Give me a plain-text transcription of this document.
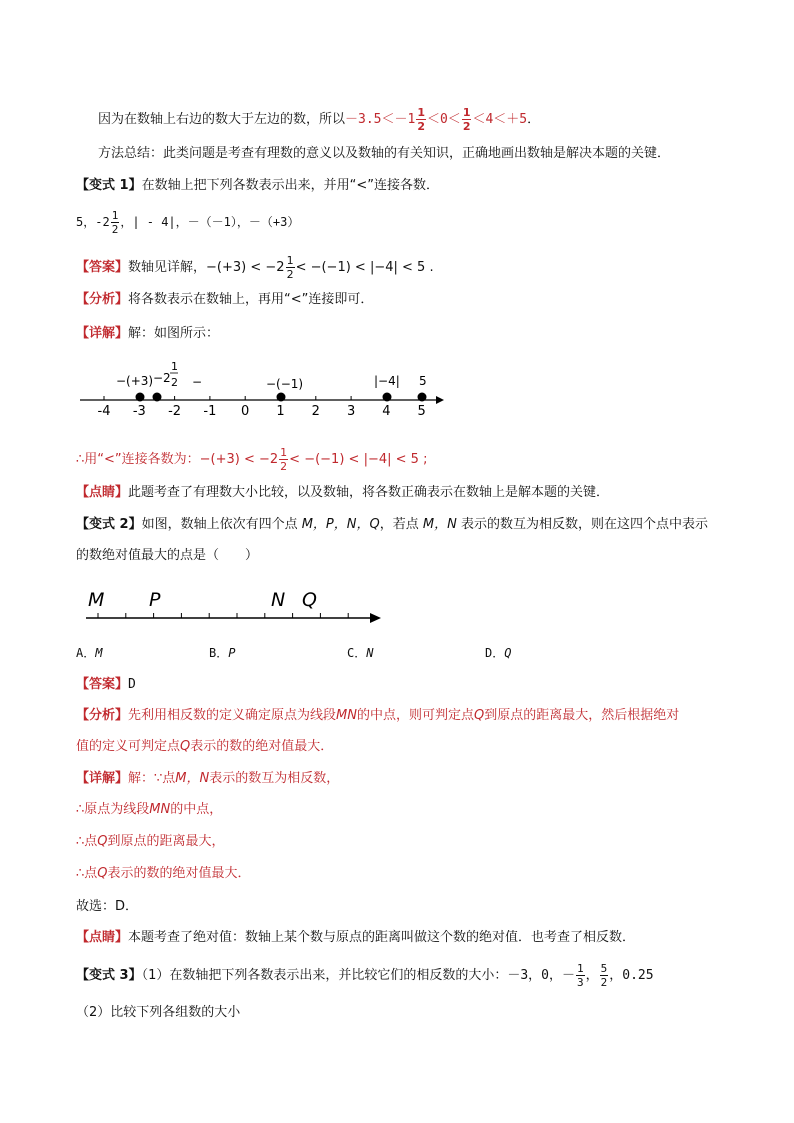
因为在数轴上右边的数大于左边的数，所以$-3.5<-1 \frac{1}{2} <0< \frac{1}{2} <4<+5$．
方法总结：此类问题是考查有理数的意义以及数轴的有关知识，正确地画出数轴是解决本题的关键．
【变式 1】在数轴上把下列各数表示出来，并用“<”连接各数．
5，$-2 \frac{1}{2}$ ，| - 4|，－（－1），－（+3）
【答案】数轴见详解，$-(+3) < -2 \frac{1}{2} < -(-1) < |-4| < 5$ .
【分析】将各数表示在数轴上，再用“<”连接即可．
【详解】解：如图所示：
-4 -3 -2 -1 0 1 2 3 4 5
−(+3) −2
1
2 −	−(−1)	|−4| 5
∴用“<”连接各数为：$-(+3) < -2 \frac{1}{2} < -(-1) < |-4| < 5$ ;
【点睛】此题考查了有理数大小比较，以及数轴，将各数正确表示在数轴上是解本题的关键．
【变式 2】如图，数轴上依次有四个点 M，P，N，Q，若点 M，N 表示的数互为相反数，则在这四个点中表示
的数绝对值最大的点是（　　）
M P	N Q
A．M	B．P	C．N	D．Q
【答案】D
【分析】先利用相反数的定义确定原点为线段MN的中点，则可判定点Q到原点的距离最大，然后根据绝对
值的定义可判定点Q表示的数的绝对值最大．
【详解】解：∵点M，N表示的数互为相反数，
∴原点为线段MN的中点，
∴点Q到原点的距离最大，
∴点Q表示的数的绝对值最大．
故选：D．
【点睛】本题考查了绝对值：数轴上某个数与原点的距离叫做这个数的绝对值．也考查了相反数．
【变式 3】（1）在数轴把下列各数表示出来，并比较它们的相反数的大小：－3，0，－ $\frac{1}{3}$ ， $\frac{5}{2}$ ，0.25
（2）比较下列各组数的大小
